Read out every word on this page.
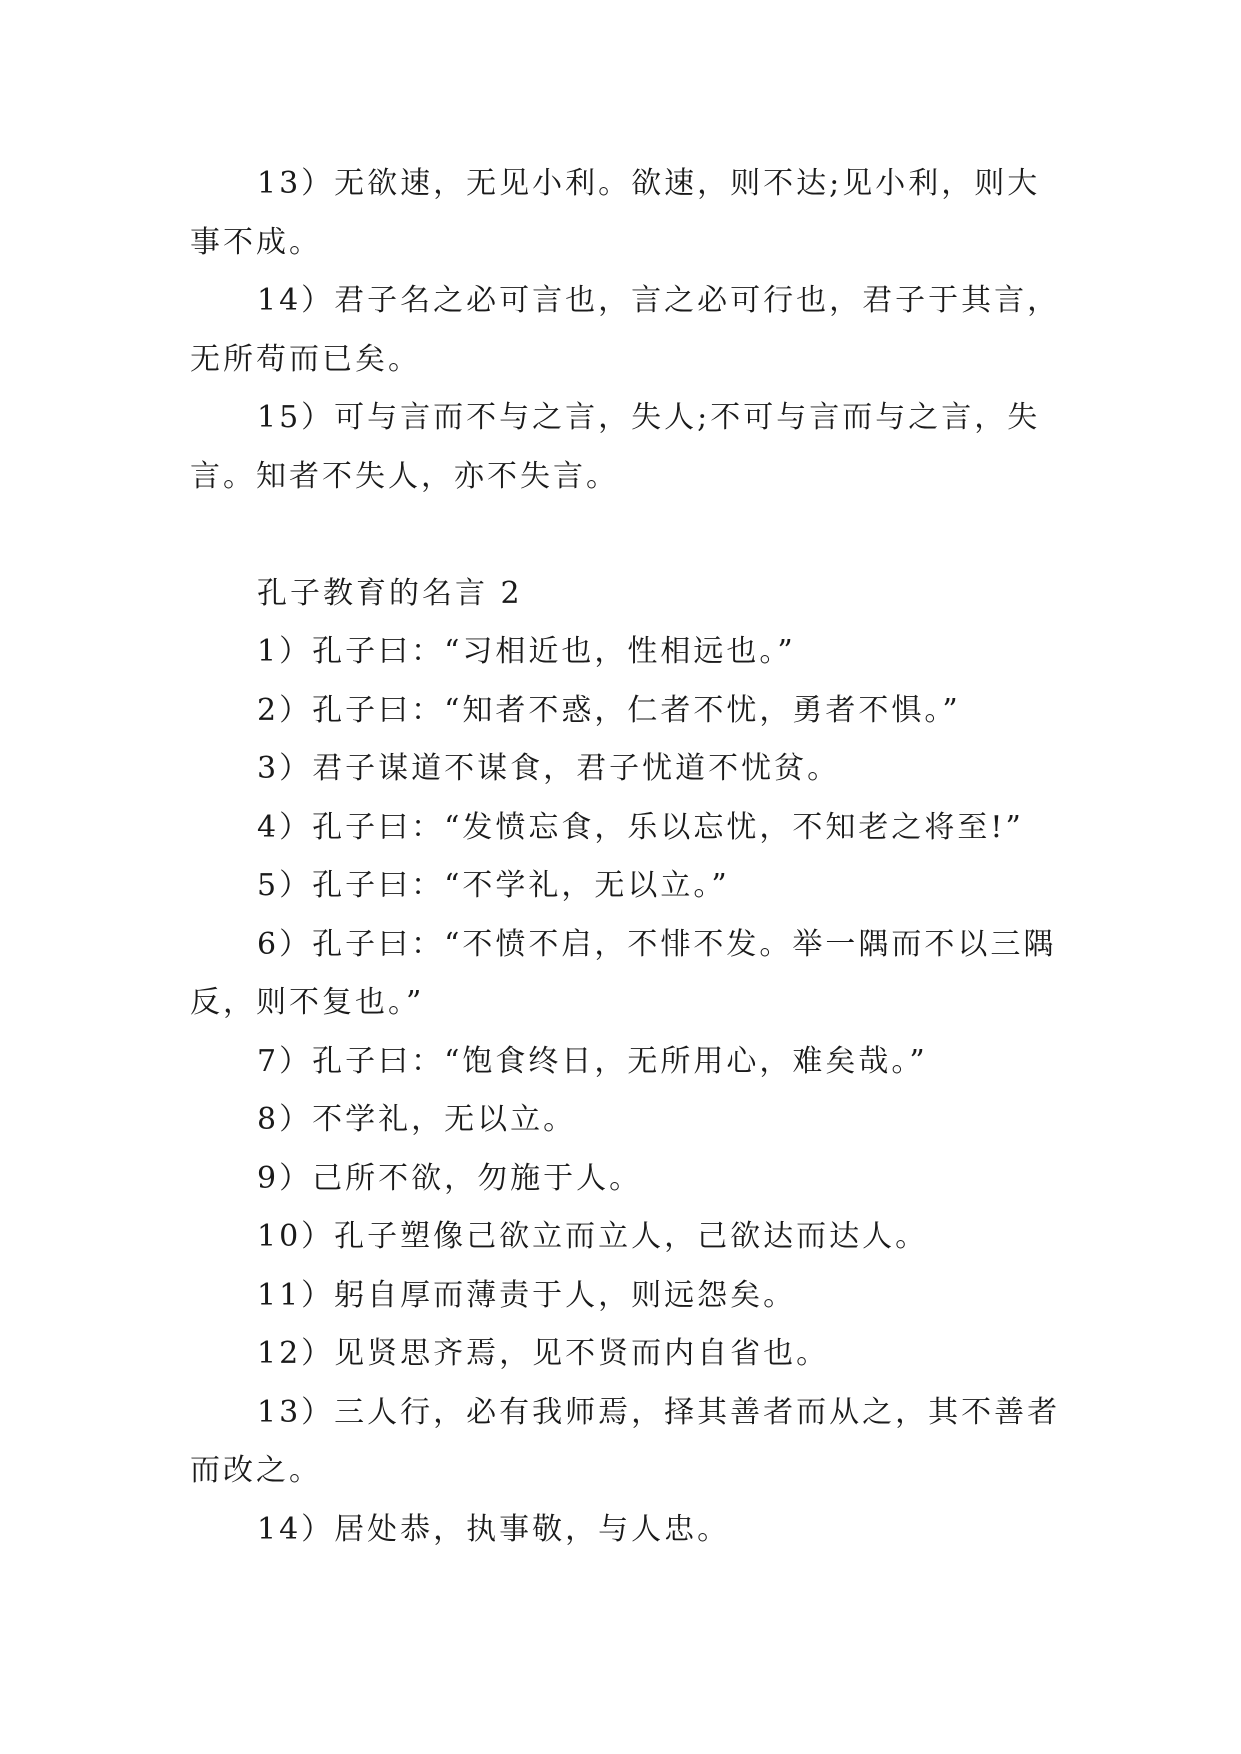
13）无欲速，无见小利。欲速，则不达;见小利，则大
事不成。
14）君子名之必可言也，言之必可行也，君子于其言，
无所苟而已矣。
15）可与言而不与之言，失人;不可与言而与之言，失
言。知者不失人，亦不失言。
孔子教育的名言 2
1）孔子曰：“习相近也，性相远也。”
2）孔子曰：“知者不惑，仁者不忧，勇者不惧。”
3）君子谋道不谋食，君子忧道不忧贫。
4）孔子曰：“发愤忘食，乐以忘忧，不知老之将至!”
5）孔子曰：“不学礼，无以立。”
6）孔子曰：“不愤不启，不悱不发。举一隅而不以三隅
反，则不复也。”
7）孔子曰：“饱食终日，无所用心，难矣哉。”
8）不学礼，无以立。
9）己所不欲，勿施于人。
10）孔子塑像己欲立而立人，己欲达而达人。
11）躬自厚而薄责于人，则远怨矣。
12）见贤思齐焉，见不贤而内自省也。
13）三人行，必有我师焉，择其善者而从之，其不善者
而改之。
14）居处恭，执事敬，与人忠。
